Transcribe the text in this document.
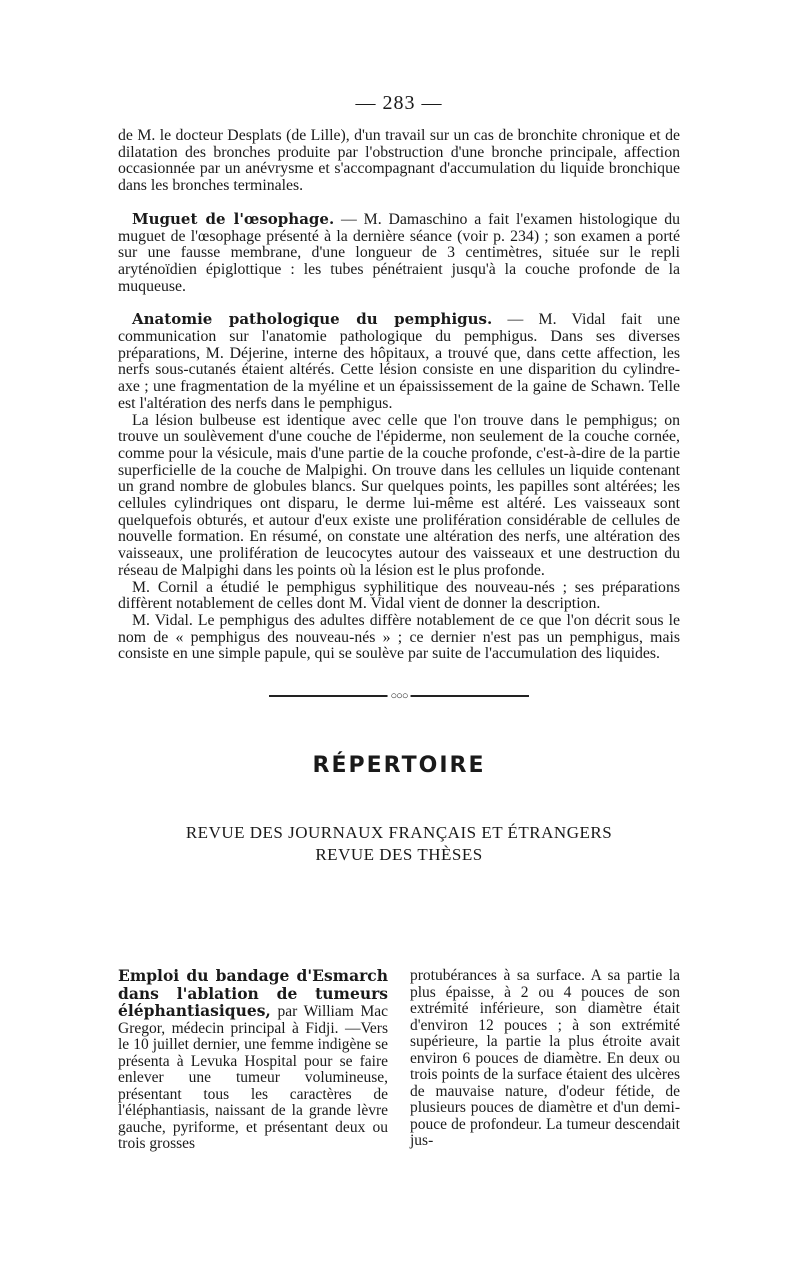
— 283 —

de M. le docteur Desplats (de Lille), d'un travail sur un cas de bronchite chronique et de dilatation des bronches produite par l'obstruction d'une bronche principale, affection occasionnée par un anévrysme et s'accompagnant d'accumulation du liquide bronchique dans les bronches terminales.

Muguet de l'œsophage. — M. Damaschino a fait l'examen histologique du muguet de l'œsophage présenté à la dernière séance (voir p. 234) ; son examen a porté sur une fausse membrane, d'une longueur de 3 centimètres, située sur le repli aryténoïdien épiglottique : les tubes pénétraient jusqu'à la couche profonde de la muqueuse.

Anatomie pathologique du pemphigus. — M. Vidal fait une communication sur l'anatomie pathologique du pemphigus. Dans ses diverses préparations, M. Déjerine, interne des hôpitaux, a trouvé que, dans cette affection, les nerfs sous-cutanés étaient altérés. Cette lésion consiste en une disparition du cylindre-axe ; une fragmentation de la myéline et un épaississement de la gaine de Schawn. Telle est l'altération des nerfs dans le pemphigus.

La lésion bulbeuse est identique avec celle que l'on trouve dans le pemphigus; on trouve un soulèvement d'une couche de l'épiderme, non seulement de la couche cornée, comme pour la vésicule, mais d'une partie de la couche profonde, c'est-à-dire de la partie superficielle de la couche de Malpighi. On trouve dans les cellules un liquide contenant un grand nombre de globules blancs. Sur quelques points, les papilles sont altérées; les cellules cylindriques ont disparu, le derme lui-même est altéré. Les vaisseaux sont quelquefois obturés, et autour d'eux existe une prolifération considérable de cellules de nouvelle formation. En résumé, on constate une altération des nerfs, une altération des vaisseaux, une prolifération de leucocytes autour des vaisseaux et une destruction du réseau de Malpighi dans les points où la lésion est le plus profonde.

M. Cornil a étudié le pemphigus syphilitique des nouveau-nés ; ses préparations diffèrent notablement de celles dont M. Vidal vient de donner la description.

M. Vidal. Le pemphigus des adultes diffère notablement de ce que l'on décrit sous le nom de « pemphigus des nouveau-nés » ; ce dernier n'est pas un pemphigus, mais consiste en une simple papule, qui se soulève par suite de l'accumulation des liquides.

○○○
RÉPERTOIRE
REVUE DES JOURNAUX FRANÇAIS ET ÉTRANGERS
REVUE DES THÈSES

Emploi du bandage d'Esmarch dans l'ablation de tumeurs éléphantiasiques, par William Mac Gregor, médecin principal à Fidji. —Vers le 10 juillet dernier, une femme indigène se présenta à Levuka Hospital pour se faire enlever une tumeur volumineuse, présentant tous les caractères de l'éléphantiasis, naissant de la grande lèvre gauche, pyriforme, et présentant deux ou trois grosses

protubérances à sa surface. A sa partie la plus épaisse, à 2 ou 4 pouces de son extrémité inférieure, son diamètre était d'environ 12 pouces ; à son extrémité supérieure, la partie la plus étroite avait environ 6 pouces de diamètre. En deux ou trois points de la surface étaient des ulcères de mauvaise nature, d'odeur fétide, de plusieurs pouces de diamètre et d'un demi-pouce de profondeur. La tumeur descendait jus-
